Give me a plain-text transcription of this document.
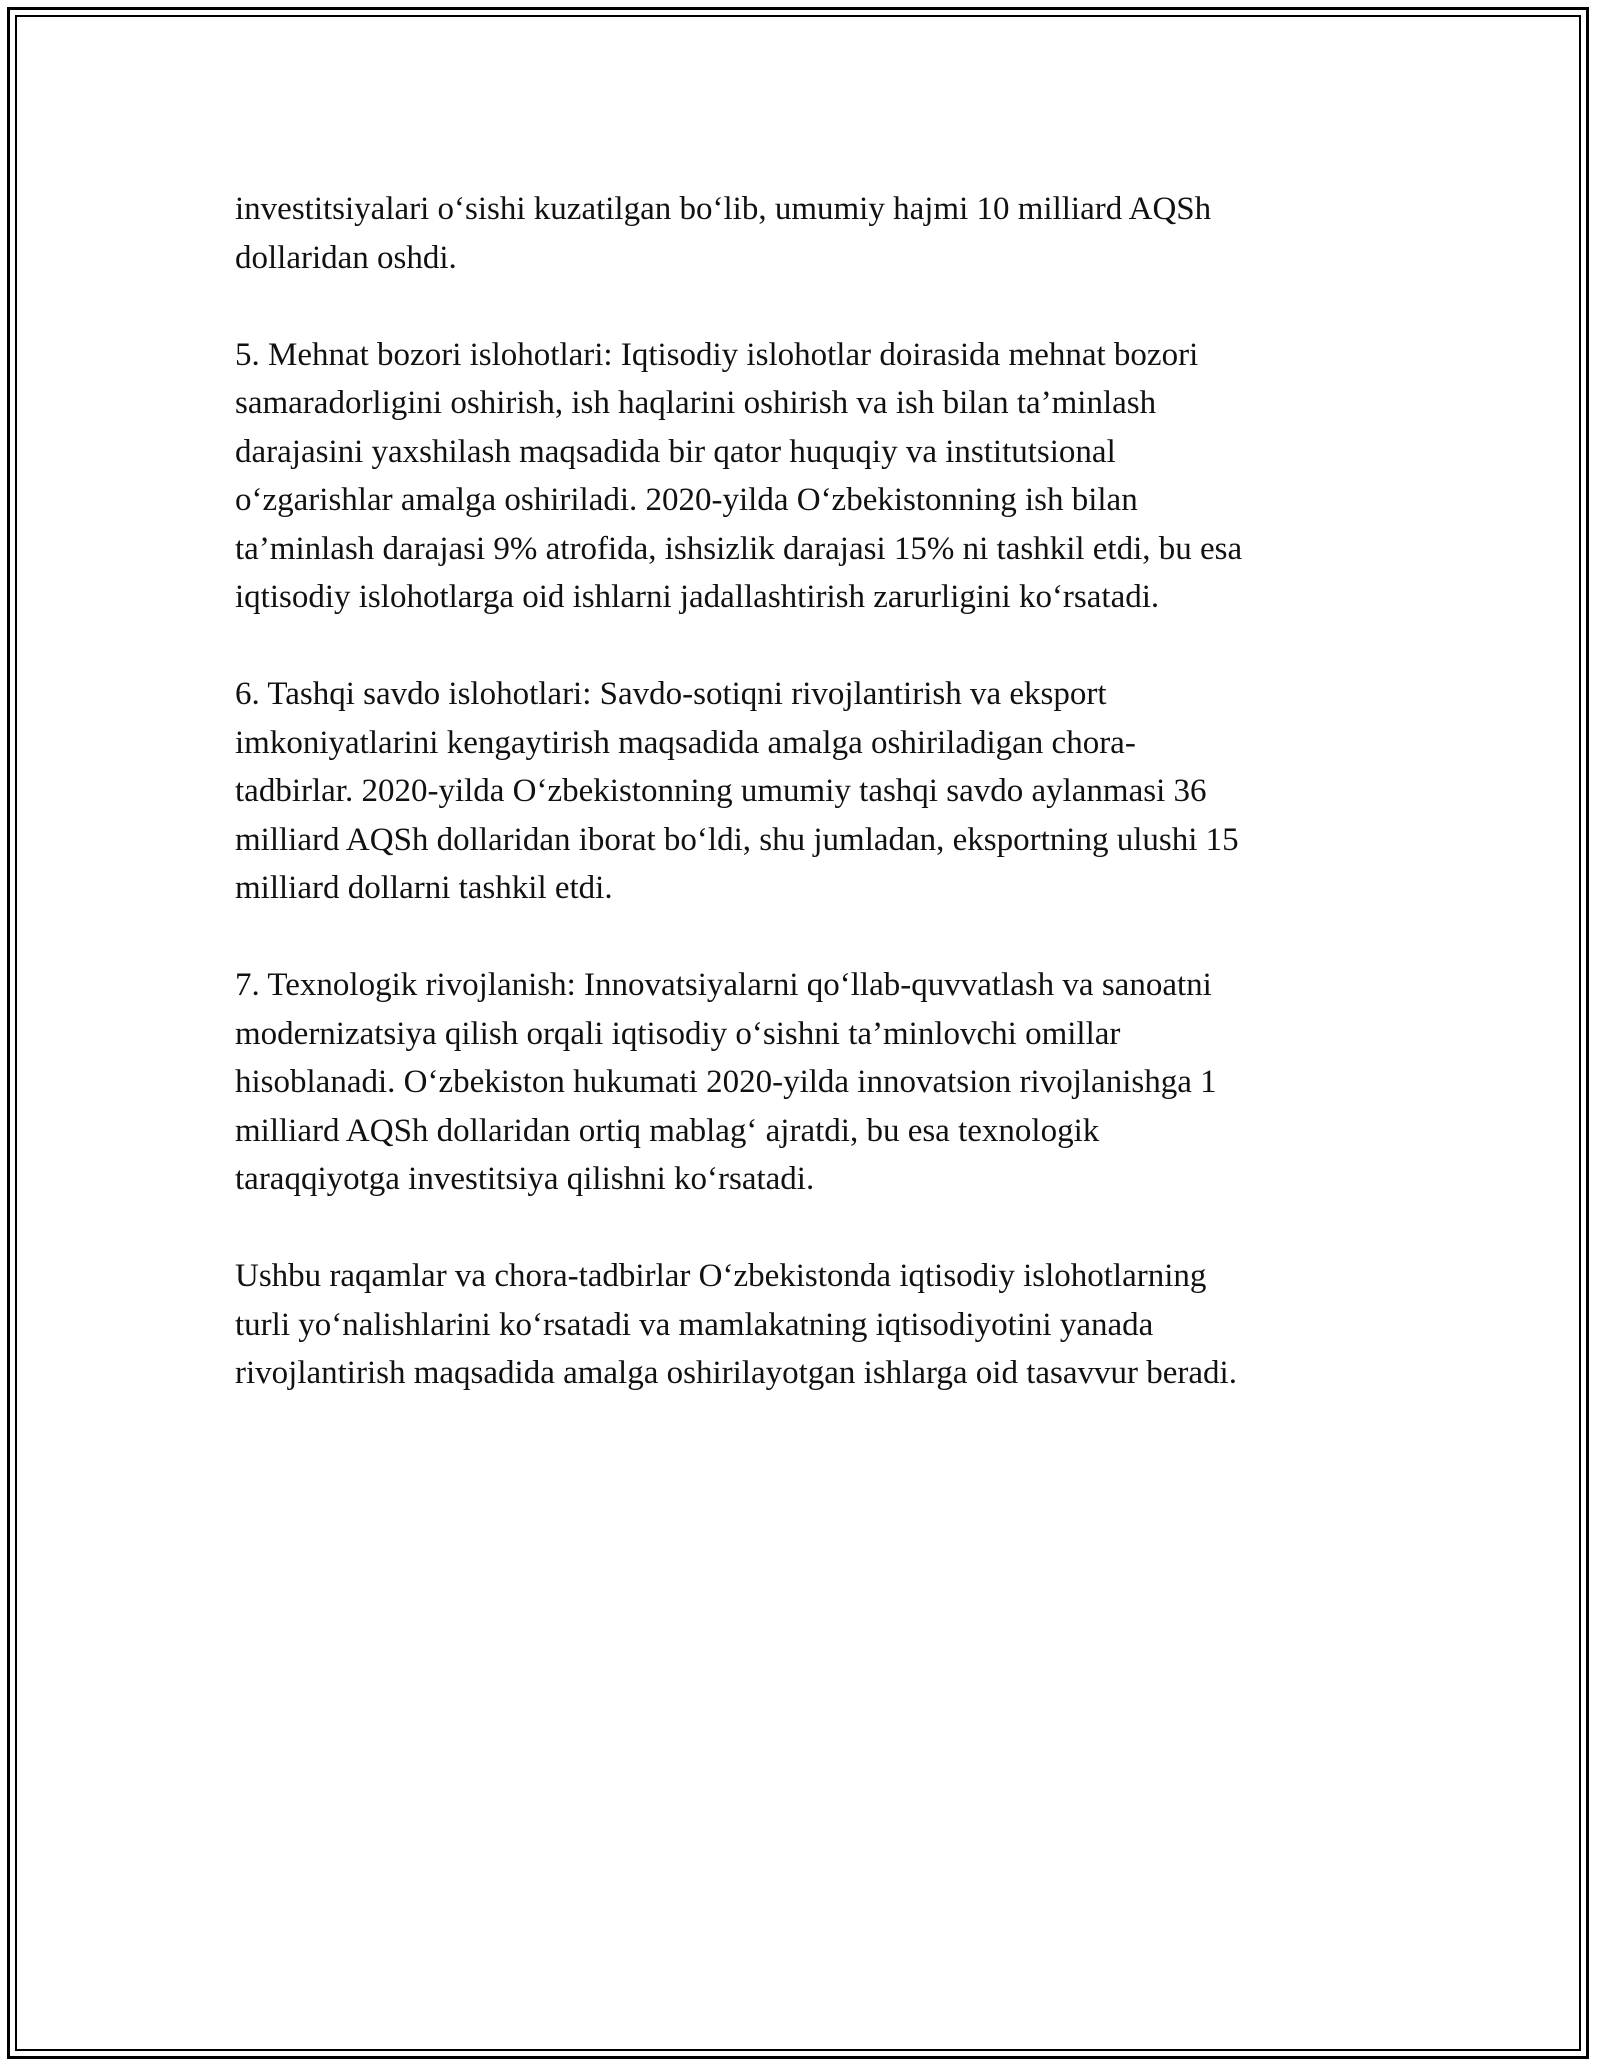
investitsiyalari o‘sishi kuzatilgan bo‘lib, umumiy hajmi 10 milliard AQSh
dollaridan oshdi.

5. Mehnat bozori islohotlari: Iqtisodiy islohotlar doirasida mehnat bozori
samaradorligini oshirish, ish haqlarini oshirish va ish bilan ta’minlash
darajasini yaxshilash maqsadida bir qator huquqiy va institutsional
o‘zgarishlar amalga oshiriladi. 2020-yilda O‘zbekistonning ish bilan
ta’minlash darajasi 9% atrofida, ishsizlik darajasi 15% ni tashkil etdi, bu esa
iqtisodiy islohotlarga oid ishlarni jadallashtirish zarurligini ko‘rsatadi.

6. Tashqi savdo islohotlari: Savdo-sotiqni rivojlantirish va eksport
imkoniyatlarini kengaytirish maqsadida amalga oshiriladigan chora-
tadbirlar. 2020-yilda O‘zbekistonning umumiy tashqi savdo aylanmasi 36
milliard AQSh dollaridan iborat bo‘ldi, shu jumladan, eksportning ulushi 15
milliard dollarni tashkil etdi.

7. Texnologik rivojlanish: Innovatsiyalarni qo‘llab-quvvatlash va sanoatni
modernizatsiya qilish orqali iqtisodiy o‘sishni ta’minlovchi omillar
hisoblanadi. O‘zbekiston hukumati 2020-yilda innovatsion rivojlanishga 1
milliard AQSh dollaridan ortiq mablag‘ ajratdi, bu esa texnologik
taraqqiyotga investitsiya qilishni ko‘rsatadi.

Ushbu raqamlar va chora-tadbirlar O‘zbekistonda iqtisodiy islohotlarning
turli yo‘nalishlarini ko‘rsatadi va mamlakatning iqtisodiyotini yanada
rivojlantirish maqsadida amalga oshirilayotgan ishlarga oid tasavvur beradi.
